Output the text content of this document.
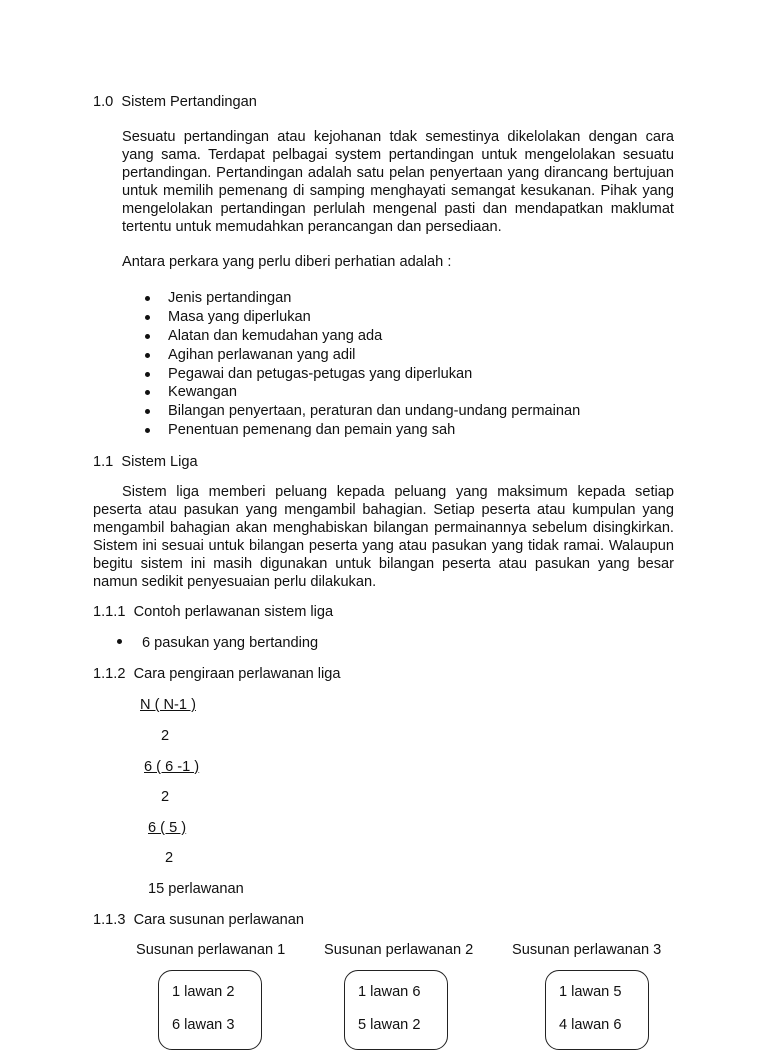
1.0 Sistem Pertandingan
Sesuatu pertandingan atau kejohanan tdak semestinya dikelolakan dengan cara yang sama. Terdapat pelbagai system pertandingan untuk mengelolakan sesuatu pertandingan. Pertandingan adalah satu pelan penyertaan yang dirancang bertujuan untuk memilih pemenang di samping menghayati semangat kesukanan. Pihak yang mengelolakan pertandingan perlulah mengenal pasti dan mendapatkan maklumat tertentu untuk memudahkan perancangan dan persediaan.
Antara perkara yang perlu diberi perhatian adalah :
Jenis pertandingan
Masa yang diperlukan
Alatan dan kemudahan yang ada
Agihan perlawanan yang adil
Pegawai dan petugas-petugas yang diperlukan
Kewangan
Bilangan penyertaan, peraturan dan undang-undang permainan
Penentuan pemenang dan pemain yang sah
1.1 Sistem Liga
Sistem liga memberi peluang kepada peluang yang maksimum kepada setiap peserta atau pasukan yang mengambil bahagian. Setiap peserta atau kumpulan yang mengambil bahagian akan menghabiskan bilangan permainannya sebelum disingkirkan. Sistem ini sesuai untuk bilangan peserta yang atau pasukan yang tidak ramai. Walaupun begitu sistem ini masih digunakan untuk bilangan peserta atau pasukan yang besar namun sedikit penyesuaian perlu dilakukan.
1.1.1 Contoh perlawanan sistem liga
6 pasukan yang bertanding
1.1.2 Cara pengiraan perlawanan liga
N ( N-1 )
2
6 ( 6 -1 )
2
6 ( 5 )
2
15 perlawanan
1.1.3 Cara susunan perlawanan
Susunan perlawanan 1	Susunan perlawanan 2	Susunan perlawanan 3
1 lawan 2
6 lawan 3
1 lawan 6
5 lawan 2
1 lawan 5
4 lawan 6
